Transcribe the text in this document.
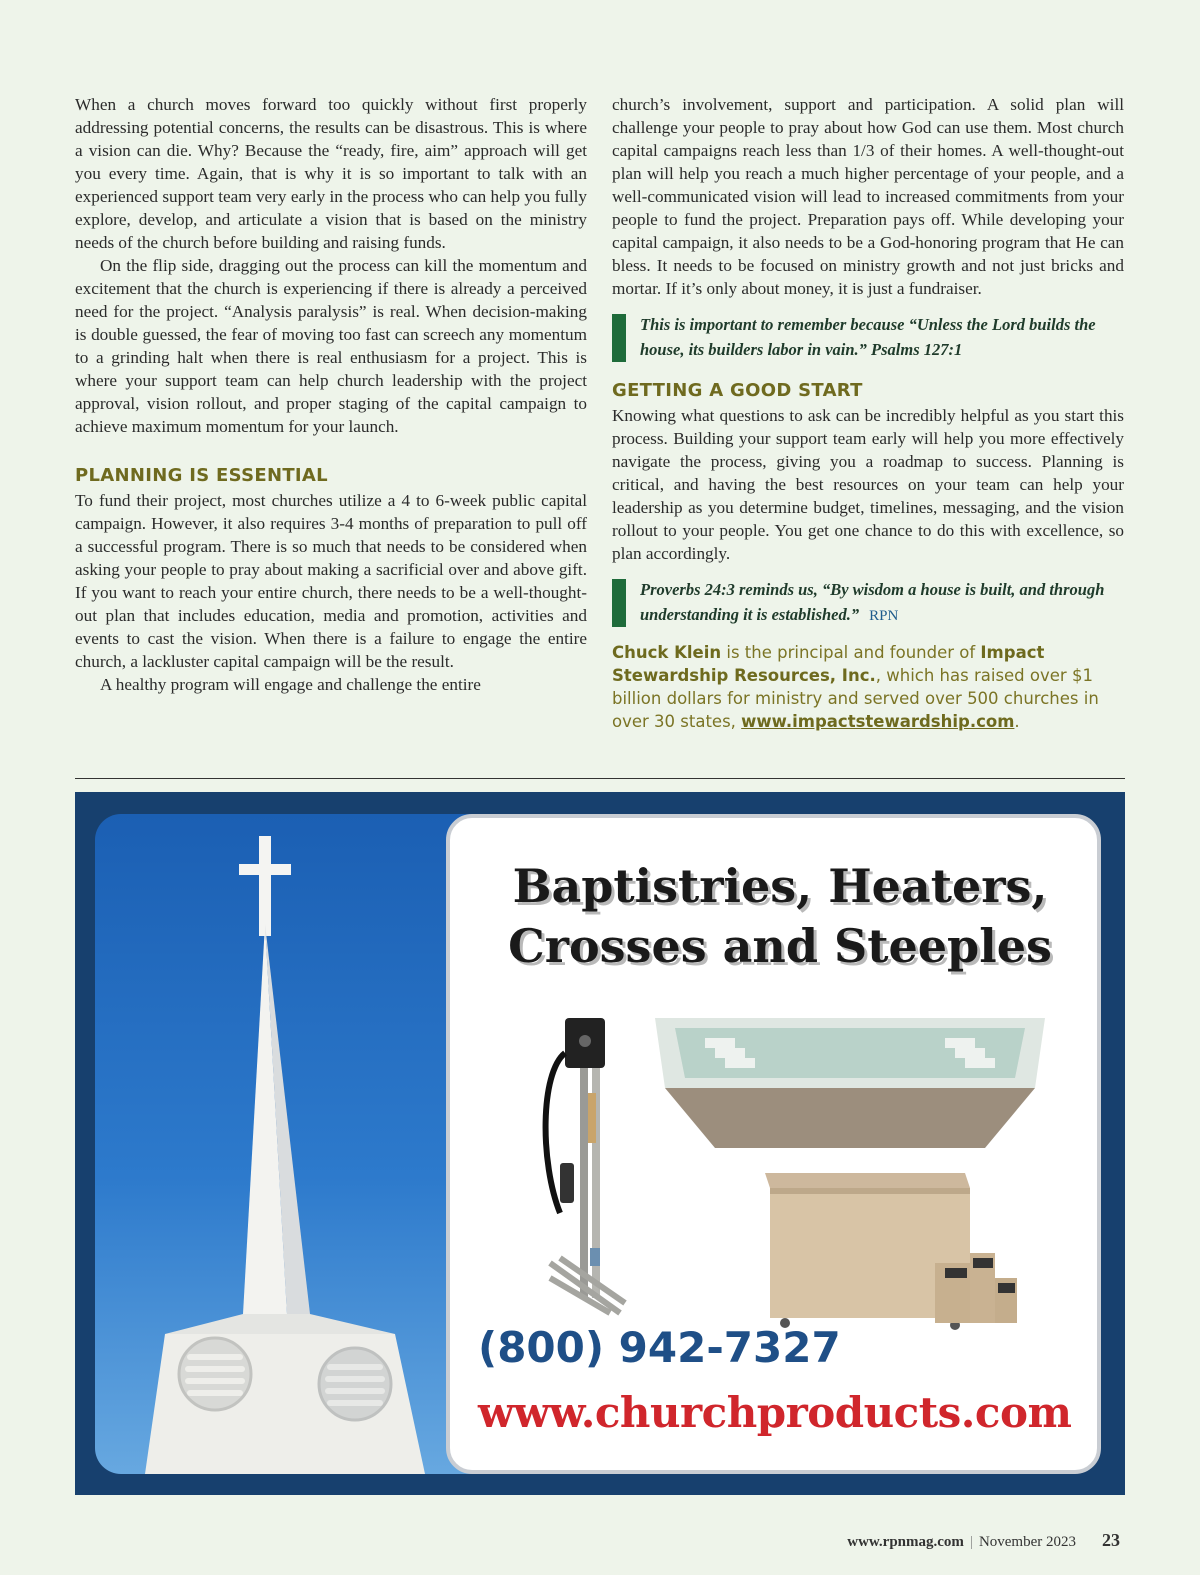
When a church moves forward too quickly without first properly addressing potential concerns, the results can be disastrous. This is where a vision can die. Why? Because the “ready, fire, aim” approach will get you every time. Again, that is why it is so important to talk with an experienced support team very early in the process who can help you fully explore, develop, and articulate a vision that is based on the ministry needs of the church before building and raising funds.

On the flip side, dragging out the process can kill the momentum and excitement that the church is experiencing if there is already a perceived need for the project. “Analysis paralysis” is real. When decision-making is double guessed, the fear of moving too fast can screech any momentum to a grinding halt when there is real enthusiasm for a project. This is where your support team can help church leadership with the project approval, vision rollout, and proper staging of the capital campaign to achieve maximum momentum for your launch.

PLANNING IS ESSENTIAL

To fund their project, most churches utilize a 4 to 6-week public capital campaign. However, it also requires 3-4 months of preparation to pull off a successful program. There is so much that needs to be considered when asking your people to pray about making a sacrificial over and above gift. If you want to reach your entire church, there needs to be a well-thought-out plan that includes education, media and promotion, activities and events to cast the vision. When there is a failure to engage the entire church, a lackluster capital campaign will be the result.

A healthy program will engage and challenge the entire

church’s involvement, support and participation. A solid plan will challenge your people to pray about how God can use them. Most church capital campaigns reach less than 1/3 of their homes. A well-thought-out plan will help you reach a much higher percentage of your people, and a well-communicated vision will lead to increased commitments from your people to fund the project. Preparation pays off. While developing your capital campaign, it also needs to be a God-honoring program that He can bless. It needs to be focused on ministry growth and not just bricks and mortar. If it’s only about money, it is just a fundraiser.

This is important to remember because “Unless the Lord builds the house, its builders labor in vain.” Psalms 127:1
GETTING A GOOD START

Knowing what questions to ask can be incredibly helpful as you start this process. Building your support team early will help you more effectively navigate the process, giving you a roadmap to success. Planning is critical, and having the best resources on your team can help your leadership as you determine budget, timelines, messaging, and the vision rollout to your people. You get one chance to do this with excellence, so plan accordingly.

Proverbs 24:3 reminds us, “By wisdom a house is built, and through understanding it is established.” RPN
Chuck Klein is the principal and founder of Impact Stewardship Resources, Inc., which has raised over $1 billion dollars for ministry and served over 500 churches in over 30 states, www.impactstewardship.com.
Baptistries, Heaters,
Crosses and Steeples
(800) 942-7327
www.churchproducts.com
www.rpnmag.com | November 2023 23
